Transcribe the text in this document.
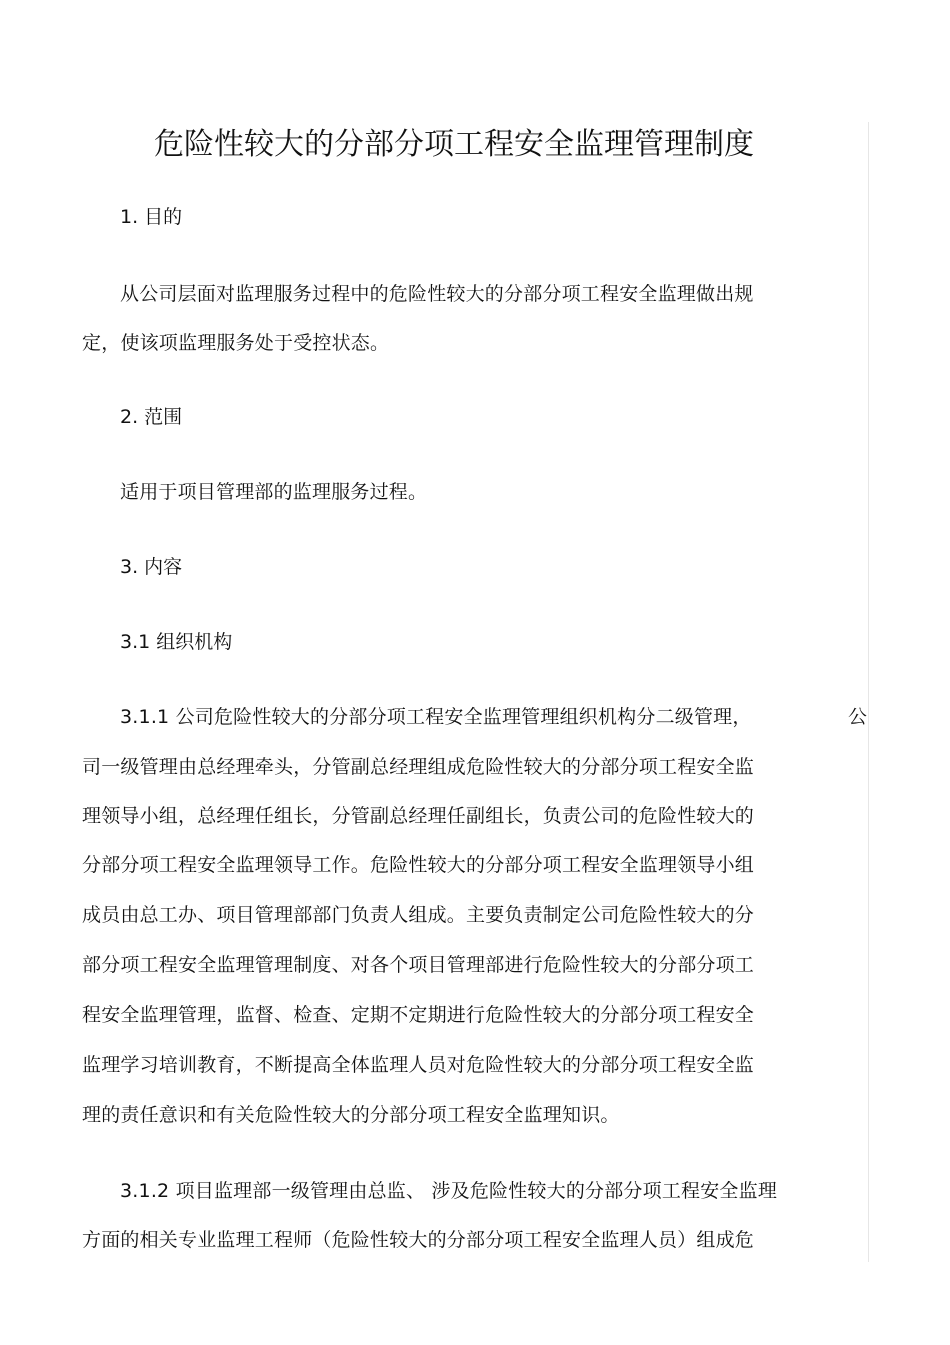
危险性较大的分部分项工程安全监理管理制度
1. 目的
从公司层面对监理服务过程中的危险性较大的分部分项工程安全监理做出规
定，使该项监理服务处于受控状态。
2. 范围
适用于项目管理部的监理服务过程。
3. 内容
3.1 组织机构
3.1.1 公司危险性较大的分部分项工程安全监理管理组织机构分二级管理，	公
司一级管理由总经理牵头，分管副总经理组成危险性较大的分部分项工程安全监
理领导小组，总经理任组长，分管副总经理任副组长，负责公司的危险性较大的
分部分项工程安全监理领导工作。危险性较大的分部分项工程安全监理领导小组
成员由总工办、项目管理部部门负责人组成。主要负责制定公司危险性较大的分
部分项工程安全监理管理制度、对各个项目管理部进行危险性较大的分部分项工
程安全监理管理，监督、检查、定期不定期进行危险性较大的分部分项工程安全
监理学习培训教育，不断提高全体监理人员对危险性较大的分部分项工程安全监
理的责任意识和有关危险性较大的分部分项工程安全监理知识。
3.1.2 项目监理部一级管理由总监、 涉及危险性较大的分部分项工程安全监理
方面的相关专业监理工程师（危险性较大的分部分项工程安全监理人员）组成危
